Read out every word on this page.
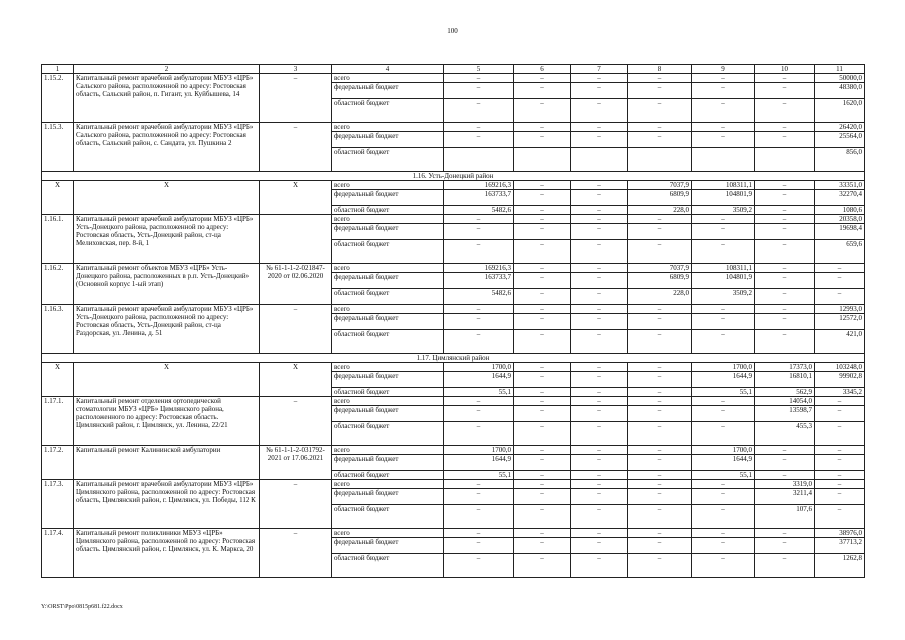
100
1	2	3	4	5	6	7	8	9	10	11
1.15.2.	Капитальный ремонт врачебной амбулатории МБУЗ «ЦРБ» Сальского района, расположенной по адресу: Ростовская область, Сальский район, п. Гигант, ул. Куйбышева, 14	–	всего	–	–	–	–	–	–	50000,0
			федеральный бюджет	–	–	–	–	–	–	48380,0
			областной бюджет	–	–	–	–	–	–	1620,0
1.15.3.	Капитальный ремонт врачебной амбулатории МБУЗ «ЦРБ» Сальского района, расположенной по адресу: Ростовская область, Сальский район, с. Сандата, ул. Пушкина 2	–	всего	–	–	–	–	–	–	26420,0
			федеральный бюджет	–	–	–	–	–	–	25564,0
			областной бюджет							856,0
1.16. Усть-Донецкий район										
X	X	X	всего	169216,3	–	–	7037,9	108311,1	–	33351,0
			федеральный бюджет	163733,7	–	–	6809,9	104801,9	–	32270,4
			областной бюджет	5482,6	–	–	228,0	3509,2	–	1080,6
1.16.1.	Капитальный ремонт врачебной амбулатории МБУЗ «ЦРБ» Усть-Донецкого района, расположенной по адресу: Ростовская область, Усть-Донецкий район, ст-ца Мелиховская, пер. 8-й, 1		всего	–	–	–	–	–	–	20358,0
			федеральный бюджет	–	–	–	–	–	–	19698,4
			областной бюджет	–	–	–	–	–	–	659,6
1.16.2.	Капитальный ремонт объектов МБУЗ «ЦРБ» Усть-Донецкого района, расположенных в р.п. Усть-Донецкий» (Основной корпус 1-ый этап)	№ 61-1-1-2-021847-2020 от 02.06.2020	всего	169216,3	–	–	7037,9	108311,1	–	–
			федеральный бюджет	163733,7	–	–	6809,9	104801,9	–	–
			областной бюджет	5482,6	–	–	228,0	3509,2	–	–
1.16.3.	Капитальный ремонт врачебной амбулатории МБУЗ «ЦРБ» Усть-Донецкого района, расположенной по адресу: Ростовская область, Усть-Донецкий район, ст-ца Раздорская, ул. Ленина, д. 51	–	всего	–	–	–	–	–	–	12993,0
			федеральный бюджет	–	–	–	–	–	–	12572,0
			областной бюджет	–	–	–	–	–	–	421,0
1.17. Цимлянский район										
X	X	X	всего	1700,0	–	–	–	1700,0	17373,0	103248,0
			федеральный бюджет	1644,9	–	–	–	1644,9	16810,1	99902,8
			областной бюджет	55,1	–	–	–	55,1	562,9	3345,2
1.17.1.	Капитальный ремонт отделения ортопедической стоматологии МБУЗ «ЦРБ» Цимлянского района, расположенного по адресу: Ростовская область. Цимлянский район, г. Цимлянск, ул. Ленина, 22/21	–	всего	–	–	–	–	–	14054,0	–
			федеральный бюджет	–	–	–	–	–	13598,7	–
			областной бюджет	–	–	–	–	–	455,3	–
1.17.2.	Капитальный ремонт Калининской амбулатории	№ 61-1-1-2-031792-2021 от 17.06.2021	всего	1700,0	–	–	–	1700,0	–	–
			федеральный бюджет	1644,9	–	–	–	1644,9	–	–
			областной бюджет	55,1	–	–	–	55,1	–	–
1.17.3.	Капитальный ремонт врачебной амбулатории МБУЗ «ЦРБ» Цимлянского района, расположенной по адресу: Ростовская область, Цимлянский район, г. Цимлянск, ул. Победы, 112 К	–	всего	–	–	–	–	–	3319,0	–
			федеральный бюджет	–	–	–	–	–	3211,4	–
			областной бюджет	–	–	–	–	–	107,6	–
1.17.4.	Капитальный ремонт поликлиники МБУЗ «ЦРБ» Цимлянского района, расположенной по адресу: Ростовская область. Цимлянский район, г. Цимлянск, ул. К. Маркса, 20	–	всего	–	–	–	–	–	–	38976,0
			федеральный бюджет	–	–	–	–	–	–	37713,2
			областной бюджет	–	–	–	–	–	–	1262,8
Y:\ORST\Ppo\0815p681.f22.docx
